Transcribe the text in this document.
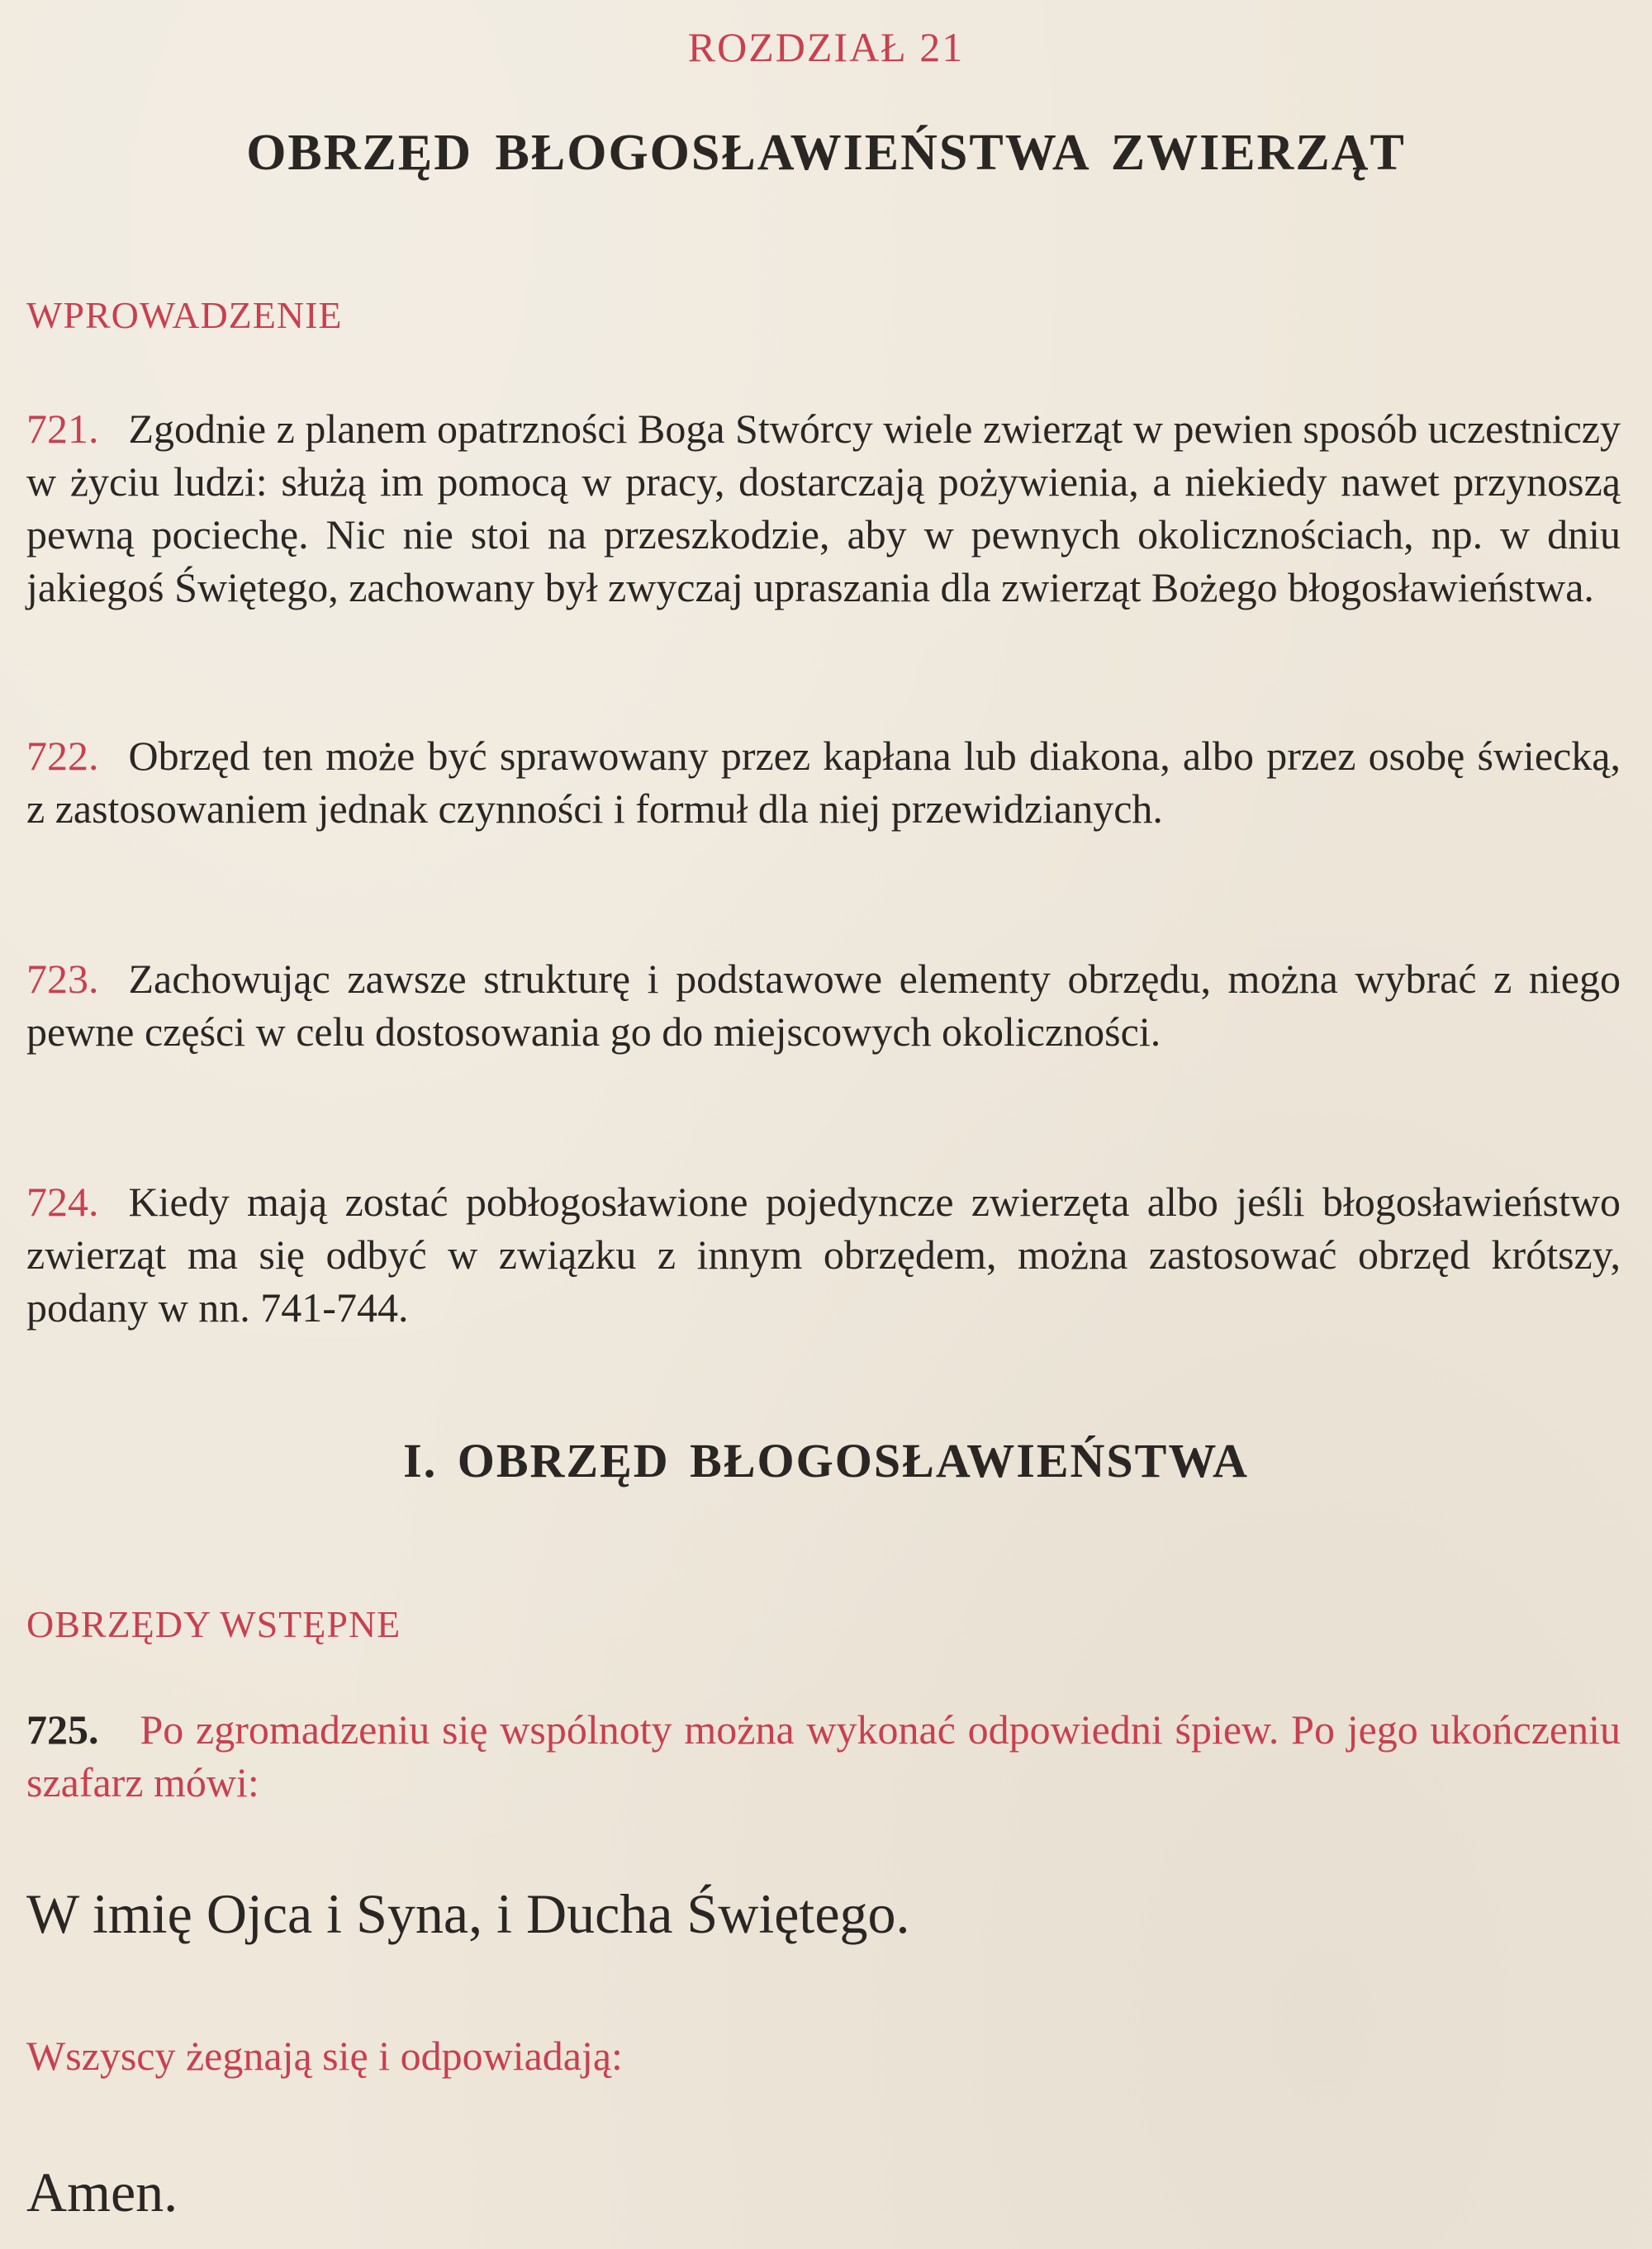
ROZDZIAŁ 21
OBRZĘD BŁOGOSŁAWIEŃSTWA ZWIERZĄT
WPROWADZENIE
721. Zgodnie z planem opatrzności Boga Stwórcy wiele zwierząt w pewien sposób uczestniczy w życiu ludzi: służą im pomocą w pracy, dostarczają pożywienia, a niekiedy nawet przynoszą pewną pociechę. Nic nie stoi na przeszkodzie, aby w pewnych okolicznościach, np. w dniu jakiegoś Świętego, zachowany był zwyczaj upraszania dla zwierząt Bożego błogosławieństwa.
722. Obrzęd ten może być sprawowany przez kapłana lub diakona, albo przez osobę świecką, z zastosowaniem jednak czynności i formuł dla niej przewidzianych.
723. Zachowując zawsze strukturę i podstawowe elementy obrzędu, można wybrać z niego pewne części w celu dostosowania go do miejscowych okoliczności.
724. Kiedy mają zostać pobłogosławione pojedyncze zwierzęta albo jeśli błogosławieństwo zwierząt ma się odbyć w związku z innym obrzędem, można zastosować obrzęd krótszy, podany w nn. 741-744.
I. OBRZĘD BŁOGOSŁAWIEŃSTWA
OBRZĘDY WSTĘPNE
725. Po zgromadzeniu się wspólnoty można wykonać odpowiedni śpiew. Po jego ukończeniu szafarz mówi:
W imię Ojca i Syna, i Ducha Świętego.
Wszyscy żegnają się i odpowiadają:
Amen.
